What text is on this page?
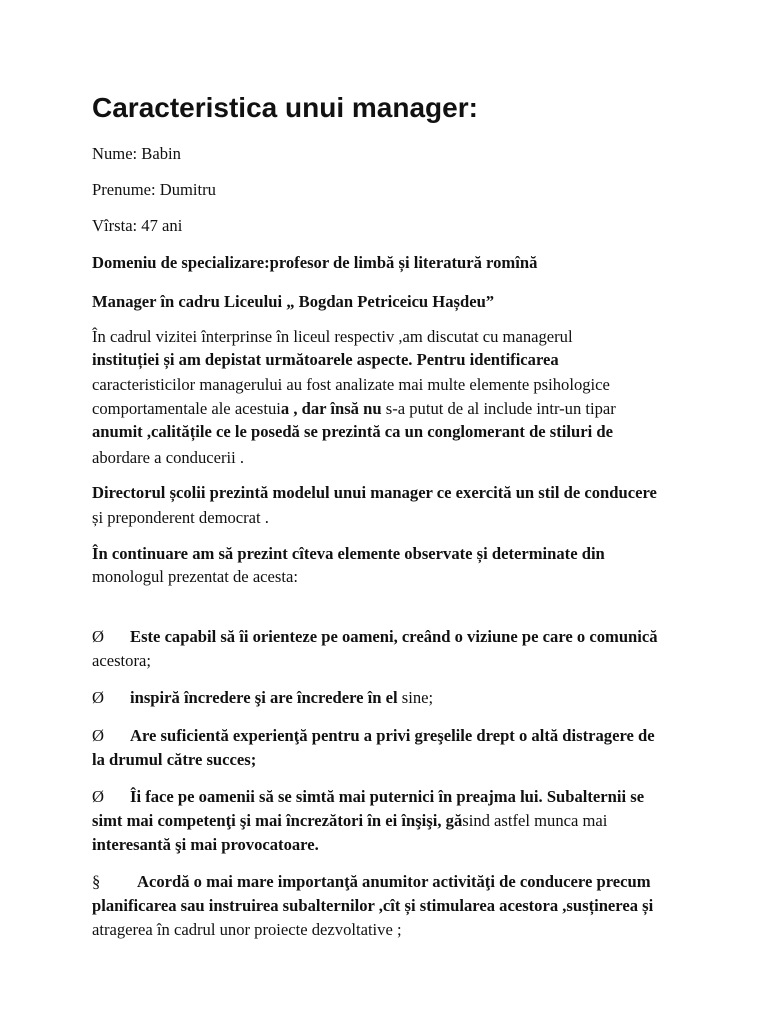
Caracteristica unui manager:
Nume: Babin
Prenume: Dumitru
Vîrsta: 47 ani
Domeniu de specializare:profesor de limbă și literatură romînă
Manager în cadru Liceului „ Bogdan Petriceicu Hașdeu”
În cadrul vizitei înterprinse în liceul respectiv ,am discutat cu managerul
instituției și am depistat următoarele aspecte. Pentru identificarea
caracteristicilor managerului au fost analizate mai multe elemente psihologice
comportamentale ale acestuia , dar însă nu s-a putut de al include intr-un tipar
anumit ,calitățile ce le posedă se prezintă ca un conglomerant de stiluri de
abordare a conducerii .
Directorul școlii prezintă modelul unui manager ce exercită un stil de conducere
și preponderent democrat .
În continuare am să prezint cîteva elemente observate și determinate din
monologul prezentat de acesta:
Ø Este capabil să îi orienteze pe oameni, creând o viziune pe care o comunică
acestora;
Ø inspiră încredere şi are încredere în el sine;
Ø Are suficientă experienţă pentru a privi greşelile drept o altă distragere de
la drumul către succes;
Ø Îi face pe oamenii să se simtă mai puternici în preajma lui. Subalternii se
simt mai competenţi şi mai încrezători în ei înşişi, găsind astfel munca mai
interesantă şi mai provocatoare.
§ Acordă o mai mare importanţă anumitor activităţi de conducere precum
planificarea sau instruirea subalternilor ,cît și stimularea acestora ,susținerea și
atragerea în cadrul unor proiecte dezvoltative ;
